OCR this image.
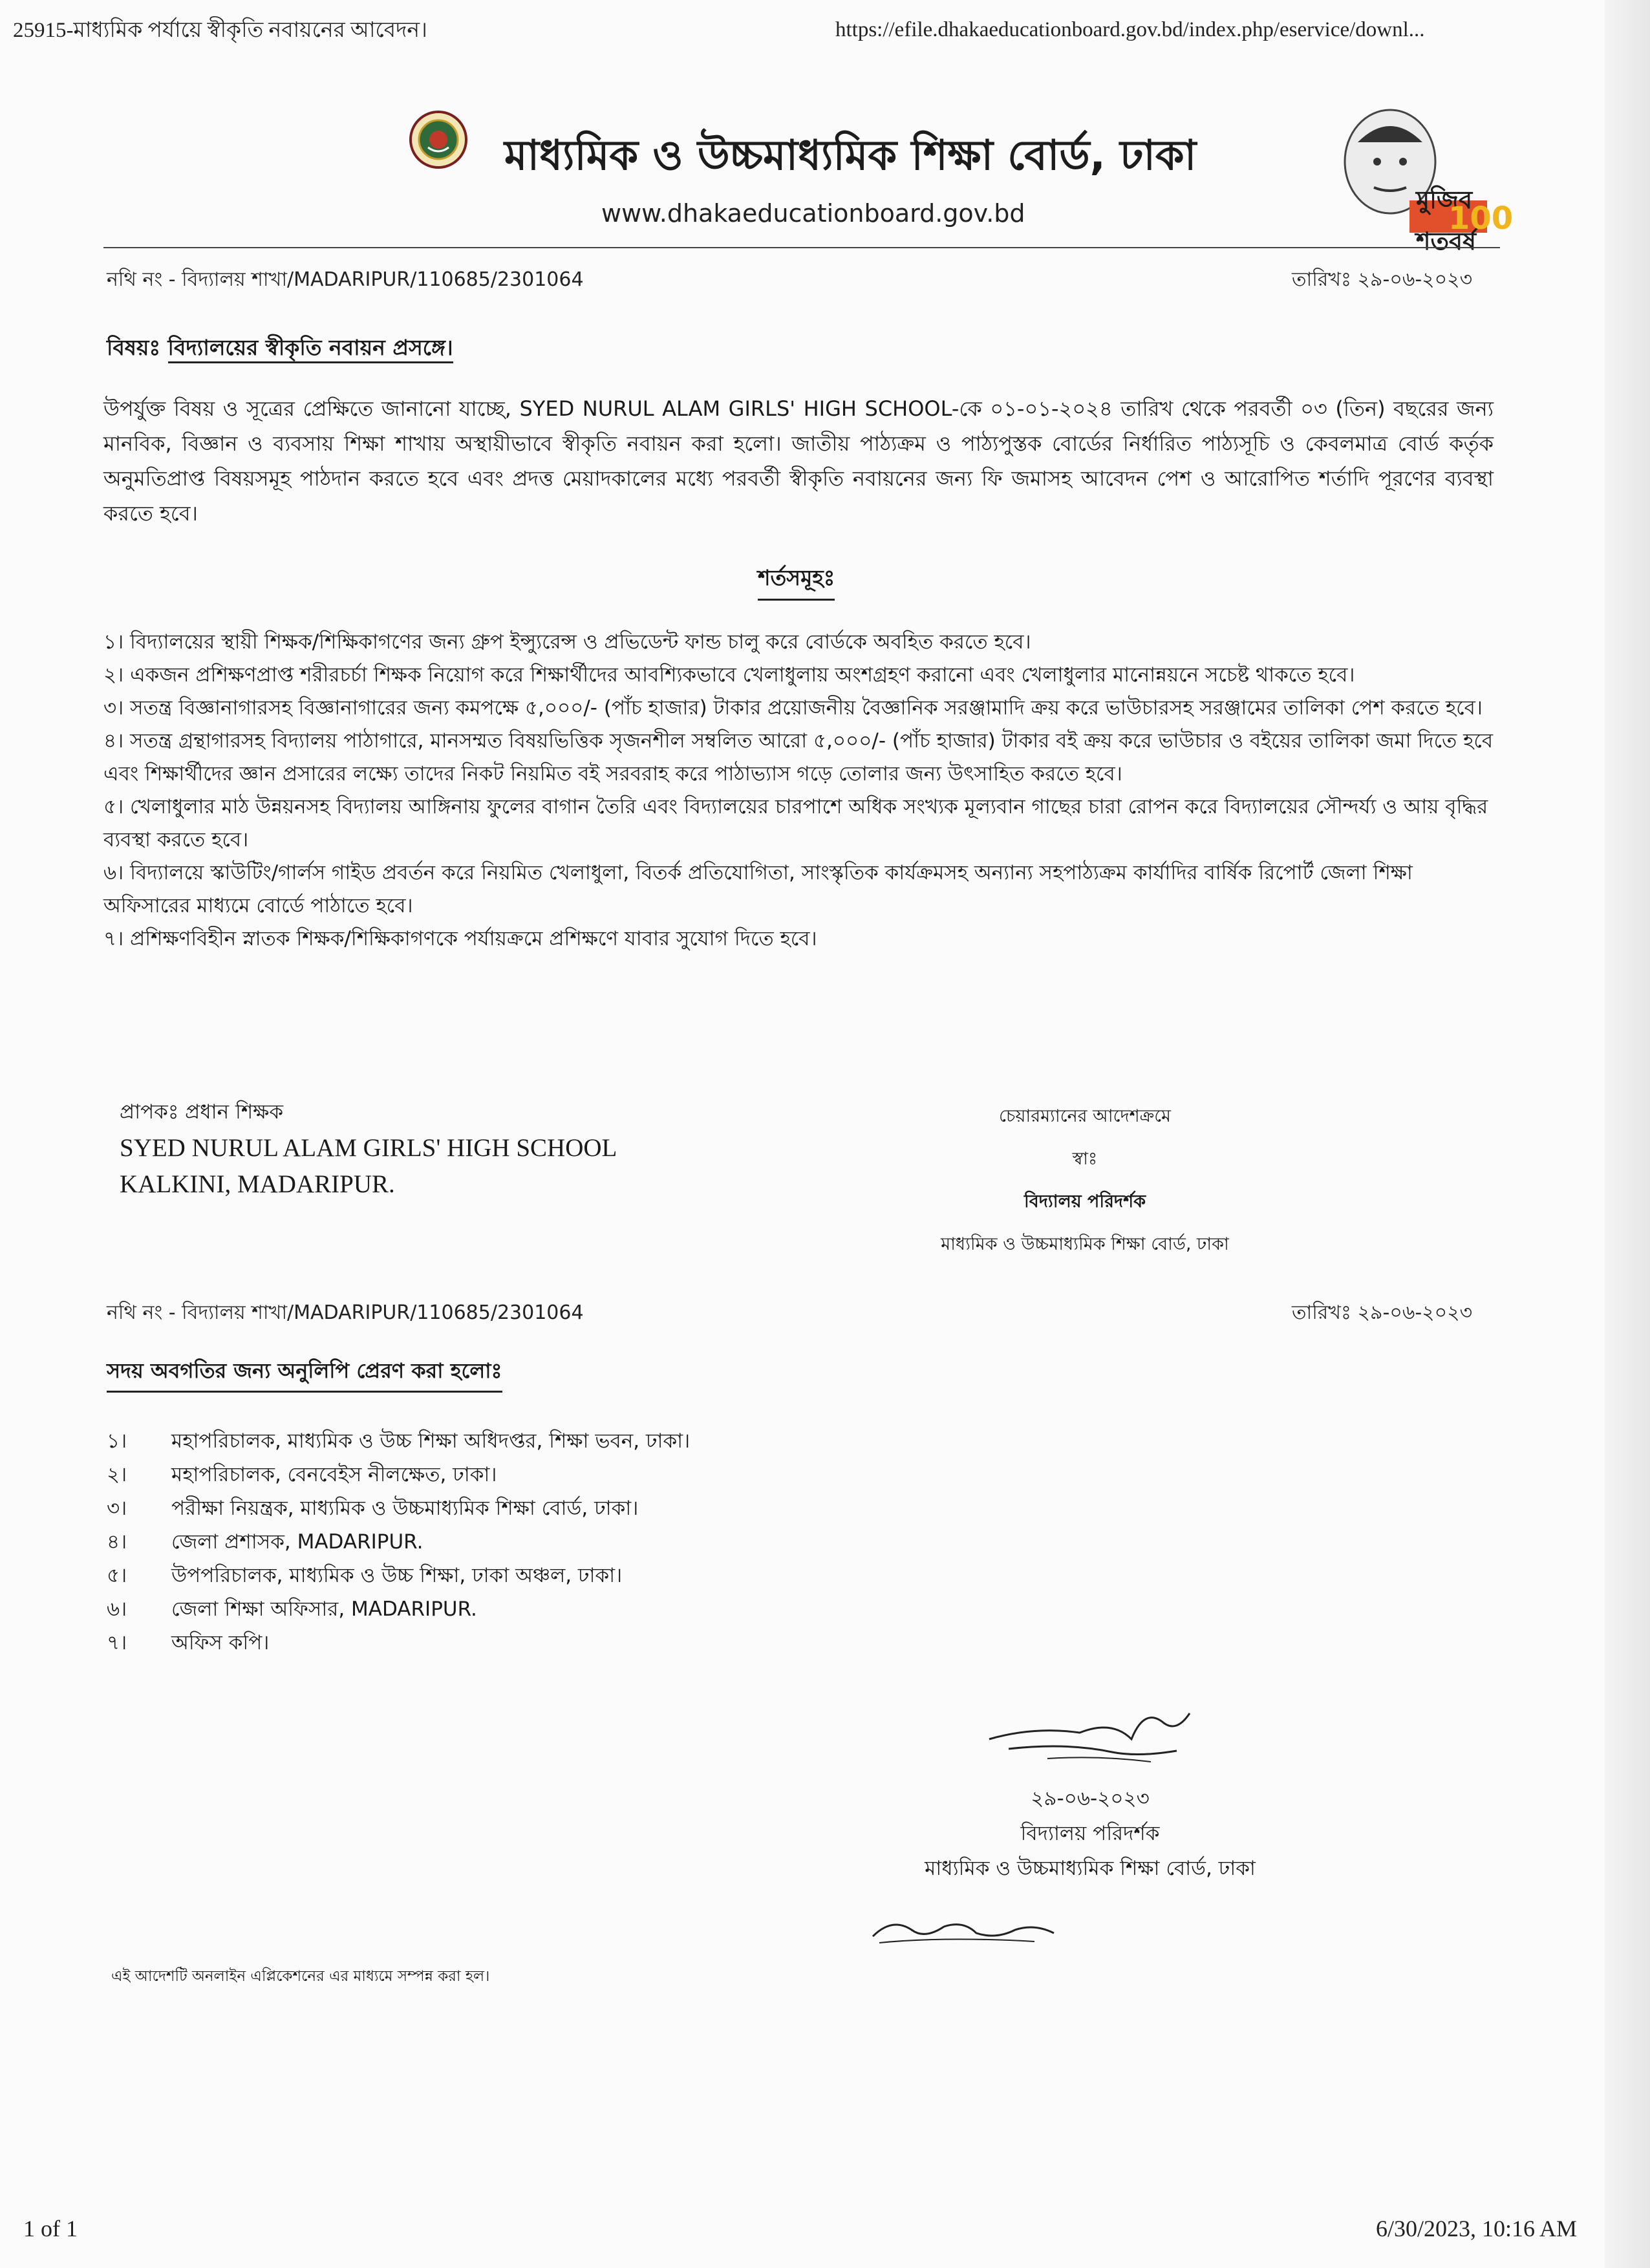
25915-মাধ্যমিক পর্যায়ে স্বীকৃতি নবায়নের আবেদন।	https://efile.dhakaeducationboard.gov.bd/index.php/eservice/downl...
মাধ্যমিক ও উচ্চমাধ্যমিক শিক্ষা বোর্ড, ঢাকা
www.dhakaeducationboard.gov.bd	মুজিব শতবর্ষ
100
নথি নং - বিদ্যালয় শাখা/MADARIPUR/110685/2301064	তারিখঃ ২৯-০৬-২০২৩
বিষয়ঃ বিদ্যালয়ের স্বীকৃতি নবায়ন প্রসঙ্গে।
উপর্যুক্ত বিষয় ও সূত্রের প্রেক্ষিতে জানানো যাচ্ছে, SYED NURUL ALAM GIRLS' HIGH SCHOOL-কে ০১-০১-২০২৪ তারিখ থেকে পরবর্তী ০৩ (তিন) বছরের জন্য মানবিক, বিজ্ঞান ও ব্যবসায় শিক্ষা শাখায় অস্থায়ীভাবে স্বীকৃতি নবায়ন করা হলো। জাতীয় পাঠ্যক্রম ও পাঠ্যপুস্তক বোর্ডের নির্ধারিত পাঠ্যসূচি ও কেবলমাত্র বোর্ড কর্তৃক অনুমতিপ্রাপ্ত বিষয়সমূহ পাঠদান করতে হবে এবং প্রদত্ত মেয়াদকালের মধ্যে পরবর্তী স্বীকৃতি নবায়নের জন্য ফি জমাসহ আবেদন পেশ ও আরোপিত শর্তাদি পূরণের ব্যবস্থা করতে হবে।
শর্তসমূহঃ

১। বিদ্যালয়ের স্থায়ী শিক্ষক/শিক্ষিকাগণের জন্য গ্রুপ ইন্স্যুরেন্স ও প্রভিডেন্ট ফান্ড চালু করে বোর্ডকে অবহিত করতে হবে।

২। একজন প্রশিক্ষণপ্রাপ্ত শরীরচর্চা শিক্ষক নিয়োগ করে শিক্ষার্থীদের আবশ্যিকভাবে খেলাধুলায় অংশগ্রহণ করানো এবং খেলাধুলার মানোন্নয়নে সচেষ্ট থাকতে হবে।

৩। সতন্ত্র বিজ্ঞানাগারসহ বিজ্ঞানাগারের জন্য কমপক্ষে ৫,০০০/- (পাঁচ হাজার) টাকার প্রয়োজনীয় বৈজ্ঞানিক সরঞ্জামাদি ক্রয় করে ভাউচারসহ সরঞ্জামের তালিকা পেশ করতে হবে।

৪। সতন্ত্র গ্রন্থাগারসহ বিদ্যালয় পাঠাগারে, মানসম্মত বিষয়ভিত্তিক সৃজনশীল সম্বলিত আরো ৫,০০০/- (পাঁচ হাজার) টাকার বই ক্রয় করে ভাউচার ও বইয়ের তালিকা জমা দিতে হবে এবং শিক্ষার্থীদের জ্ঞান প্রসারের লক্ষ্যে তাদের নিকট নিয়মিত বই সরবরাহ করে পাঠাভ্যাস গড়ে তোলার জন্য উৎসাহিত করতে হবে।

৫। খেলাধুলার মাঠ উন্নয়নসহ বিদ্যালয় আঙ্গিনায় ফুলের বাগান তৈরি এবং বিদ্যালয়ের চারপাশে অধিক সংখ্যক মূল্যবান গাছের চারা রোপন করে বিদ্যালয়ের সৌন্দর্য্য ও আয় বৃদ্ধির ব্যবস্থা করতে হবে।

৬। বিদ্যালয়ে স্কাউটিং/গার্লস গাইড প্রবর্তন করে নিয়মিত খেলাধুলা, বিতর্ক প্রতিযোগিতা, সাংস্কৃতিক কার্যক্রমসহ অন্যান্য সহপাঠ্যক্রম কার্যাদির বার্ষিক রিপোর্ট জেলা শিক্ষা অফিসারের মাধ্যমে বোর্ডে পাঠাতে হবে।

৭। প্রশিক্ষণবিহীন স্নাতক শিক্ষক/শিক্ষিকাগণকে পর্যায়ক্রমে প্রশিক্ষণে যাবার সুযোগ দিতে হবে।

প্রাপকঃ প্রধান শিক্ষক
SYED NURUL ALAM GIRLS' HIGH SCHOOL
KALKINI, MADARIPUR.
চেয়ারম্যানের আদেশক্রমে
স্বাঃ
বিদ্যালয় পরিদর্শক
মাধ্যমিক ও উচ্চমাধ্যমিক শিক্ষা বোর্ড, ঢাকা
নথি নং - বিদ্যালয় শাখা/MADARIPUR/110685/2301064	তারিখঃ ২৯-০৬-২০২৩
সদয় অবগতির জন্য অনুলিপি প্রেরণ করা হলোঃ
১। মহাপরিচালক, মাধ্যমিক ও উচ্চ শিক্ষা অধিদপ্তর, শিক্ষা ভবন, ঢাকা।
২। মহাপরিচালক, বেনবেইস নীলক্ষেত, ঢাকা।
৩। পরীক্ষা নিয়ন্ত্রক, মাধ্যমিক ও উচ্চমাধ্যমিক শিক্ষা বোর্ড, ঢাকা।
৪। জেলা প্রশাসক, MADARIPUR.
৫। উপপরিচালক, মাধ্যমিক ও উচ্চ শিক্ষা, ঢাকা অঞ্চল, ঢাকা।
৬। জেলা শিক্ষা অফিসার, MADARIPUR.
৭। অফিস কপি।
২৯-০৬-২০২৩
বিদ্যালয় পরিদর্শক
মাধ্যমিক ও উচ্চমাধ্যমিক শিক্ষা বোর্ড, ঢাকা
এই আদেশটি অনলাইন এপ্লিকেশনের এর মাধ্যমে সম্পন্ন করা হল।
1 of 1	6/30/2023, 10:16 AM
